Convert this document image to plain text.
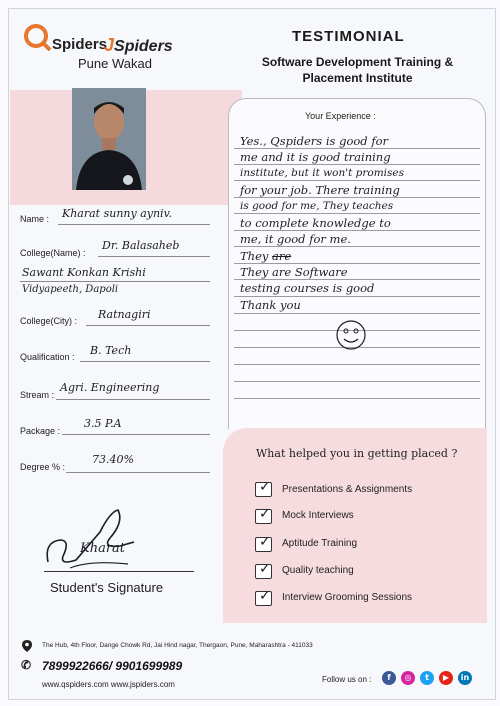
Spiders
JSpiders
Pune Wakad
TESTIMONIAL
Software Development Training &
Placement Institute
Name : Kharat sunny ayniv.
College(Name) :
Dr. Balasaheb
Sawant Konkan Krishi
Vidyapeeth, Dapoli
College(City) : Ratnagiri
Qualification : B. Tech
Stream :
Agri. Engineering
Package :
3.5 P.A
Degree % :
73.40%
Your Experience :
Yes., Qspiders is good for
me and it is good training
institute, but it won't promises
for your job. There training
is good for me, They teaches
to complete knowledge to
me, it good for me.
They are
They are Software
testing courses is good
Thank you
What helped you in getting placed ?
✓ Presentations & Assignments
✓ Mock Interviews
✓ Aptitude Training
✓ Quality teaching
✓ Interview Grooming Sessions
Kharat
Student's Signature
The Hub, 4th Floor, Dange Chowk Rd, Jai Hind nagar, Thergaon, Pune, Maharashtra - 411033
✆ 7899922666/ 9901699989
www.qspiders.com www.jspiders.com
Follow us on :	f	◎	t	▶	in
